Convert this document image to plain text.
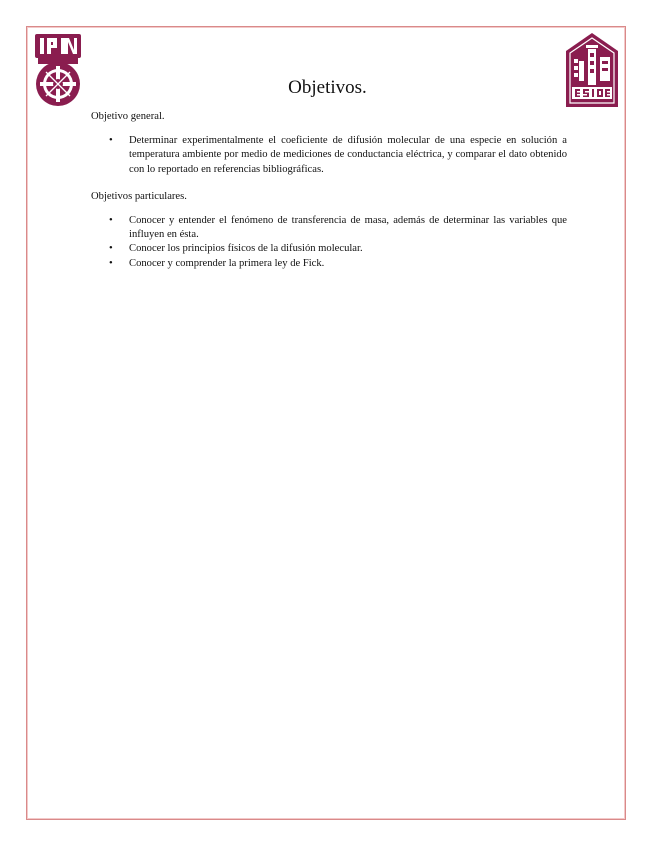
Objetivos.
Objetivo general.
• Determinar experimentalmente el coeficiente de difusión molecular de una especie en solución a temperatura ambiente por medio de mediciones de conductancia eléctrica, y comparar el dato obtenido con lo reportado en referencias bibliográficas.
Objetivos particulares.
• Conocer y entender el fenómeno de transferencia de masa, además de determinar las variables que influyen en ésta.
• Conocer los principios físicos de la difusión molecular.
• Conocer y comprender la primera ley de Fick.
